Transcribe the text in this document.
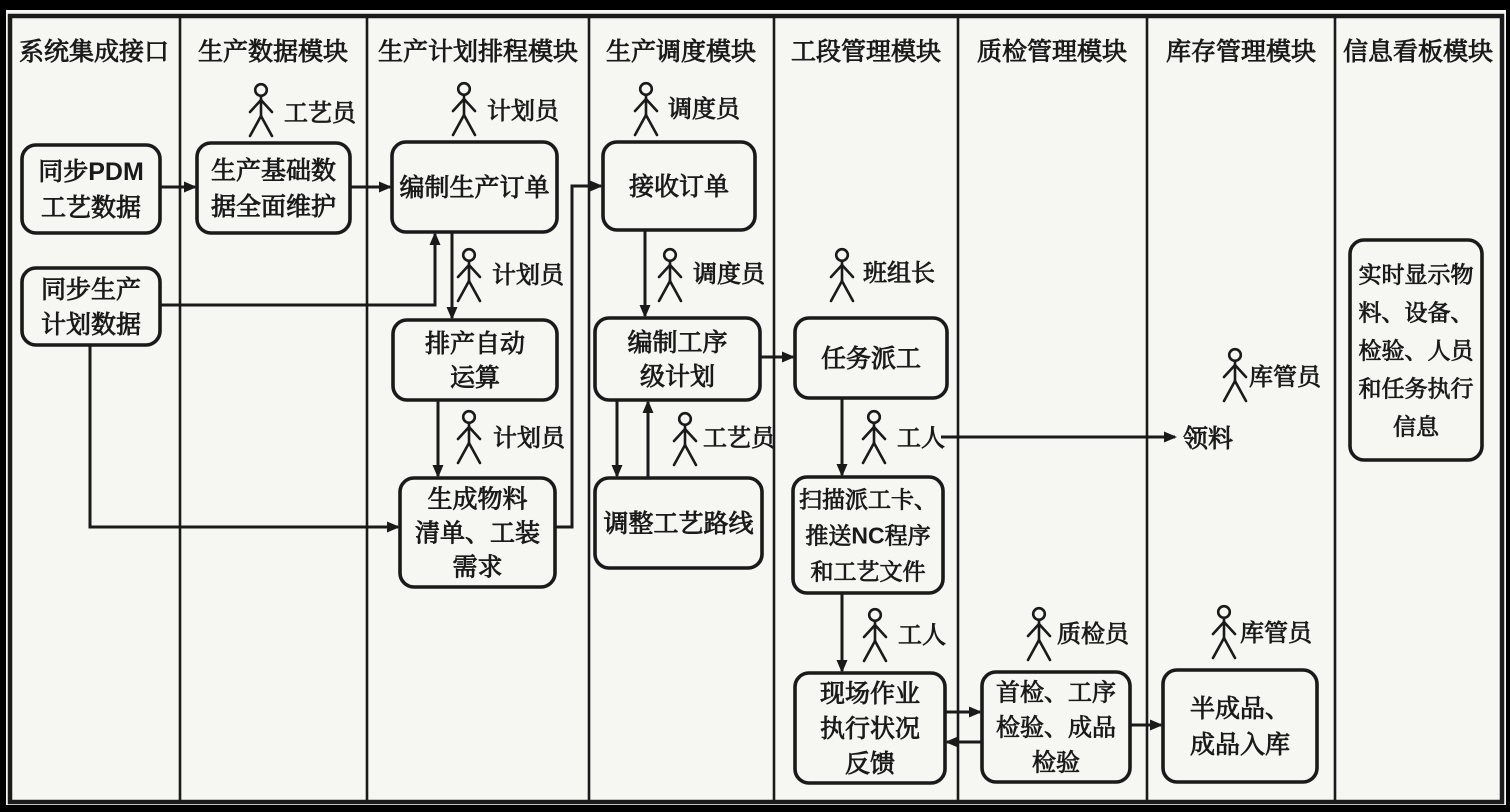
系统集成接口 生产数据模块 生产计划排程模块 生产调度模块 工段管理模块 质检管理模块 库存管理模块 信息看板模块
同步PDM 工艺数据
同步生产计划数据
生产基础数据全面维护
编制生产订单	接收订单
排产自动运算
编制工序级计划
生成物料清单、工装需求
调整工艺路线
任务派工
扫描派工卡、推送NC程序和工艺文件
现场作业执行状况反馈
首检、工序检验、成品检验
半成品、成品入库
实时显示物料、设备、检验、人员和任务执行信息
工艺员	计划员	调度员
计划员	调度员
计划员	工艺员
班组长
工人
工人	质检员
库管员
库管员
领料
